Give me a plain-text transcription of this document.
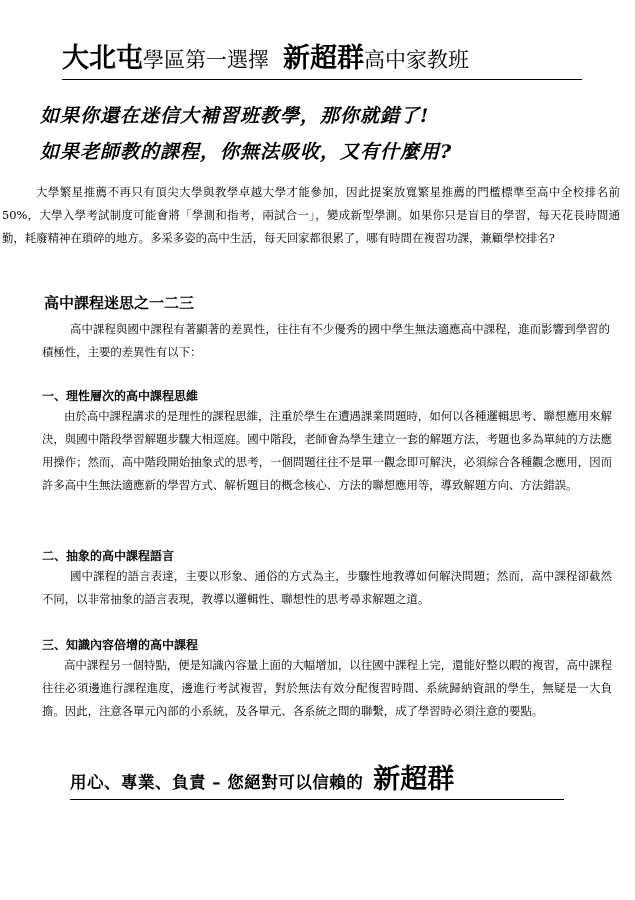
大北屯學區第一選擇 新超群高中家教班
如果你還在迷信大補習班教學，那你就錯了!
如果老師教的課程，你無法吸收，又有什麼用?
大學繁星推薦不再只有頂尖大學與教學卓越大學才能參加，因此提案放寬繁星推薦的門檻標準至高中全校排名前 50%，大學入學考試制度可能會將「學測和指考，兩試合一」，變成新型學測。如果你只是盲目的學習，每天花長時間通勤，耗廢精神在瑣碎的地方。多采多姿的高中生活，每天回家都很累了，哪有時間在複習功課，兼顧學校排名?
高中課程迷思之一二三
高中課程與國中課程有著顯著的差異性，往往有不少優秀的國中學生無法適應高中課程，進而影響到學習的積極性，主要的差異性有以下：
一、理性層次的高中課程思維
由於高中課程講求的是理性的課程思維，注重於學生在遭遇課業問題時，如何以各種邏輯思考、聯想應用來解決，與國中階段學習解題步驟大相逕庭。國中階段，老師會為學生建立一套的解題方法，考題也多為單純的方法應用操作；然而，高中階段開始抽象式的思考，一個問題往往不是單一觀念即可解決，必須綜合各種觀念應用，因而許多高中生無法適應新的學習方式、解析題目的概念核心、方法的聯想應用等，導致解題方向、方法錯誤。
二、抽象的高中課程語言
國中課程的語言表達，主要以形象、通俗的方式為主，步驟性地教導如何解決問題；然而，高中課程卻截然不同，以非常抽象的語言表現，教導以邏輯性、聯想性的思考尋求解題之道。
三、知識內容倍增的高中課程
高中課程另一個特點，便是知識內容量上面的大幅增加，以往國中課程上完，還能好整以暇的複習，高中課程往往必須邊進行課程進度，邊進行考試複習，對於無法有效分配復習時間、系統歸納資訊的學生，無疑是一大負擔。因此，注意各單元內部的小系統，及各單元、各系統之間的聯繫，成了學習時必須注意的要點。
用心、專業、負責 – 您絕對可以信賴的 新超群
